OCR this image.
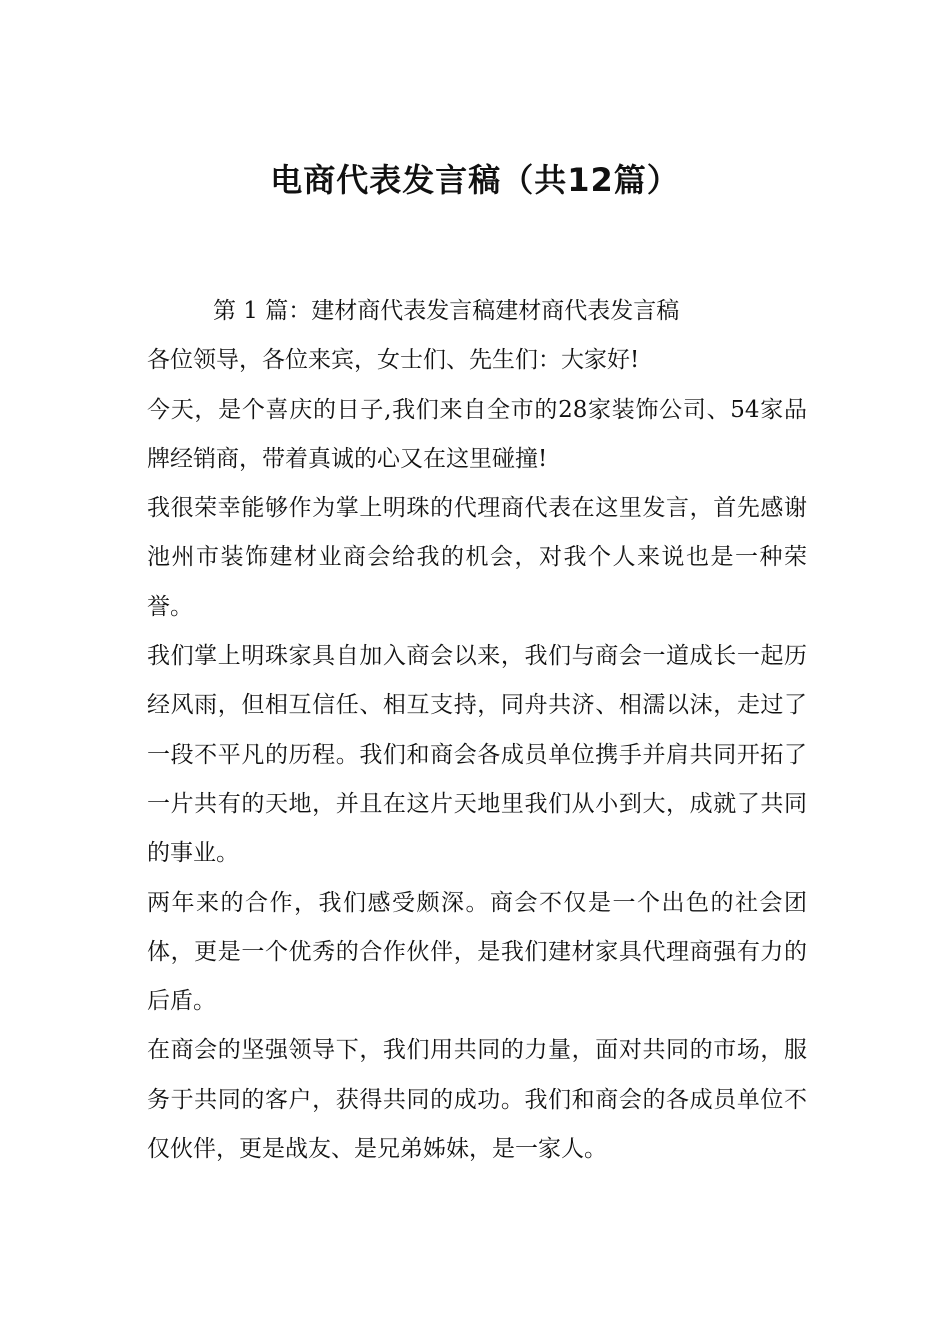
电商代表发言稿（共12篇）

第 1 篇：建材商代表发言稿建材商代表发言稿

各位领导，各位来宾，女士们、先生们：大家好!

今天，是个喜庆的日子,我们来自全市的28家装饰公司、54家品牌经销商，带着真诚的心又在这里碰撞!

我很荣幸能够作为掌上明珠的代理商代表在这里发言，首先感谢池州市装饰建材业商会给我的机会，对我个人来说也是一种荣誉。

我们掌上明珠家具自加入商会以来，我们与商会一道成长一起历经风雨，但相互信任、相互支持，同舟共济、相濡以沫，走过了一段不平凡的历程。我们和商会各成员单位携手并肩共同开拓了一片共有的天地，并且在这片天地里我们从小到大，成就了共同的事业。

两年来的合作，我们感受颇深。商会不仅是一个出色的社会团体，更是一个优秀的合作伙伴，是我们建材家具代理商强有力的后盾。

在商会的坚强领导下，我们用共同的力量，面对共同的市场，服务于共同的客户，获得共同的成功。我们和商会的各成员单位不仅伙伴，更是战友、是兄弟姊妹，是一家人。
